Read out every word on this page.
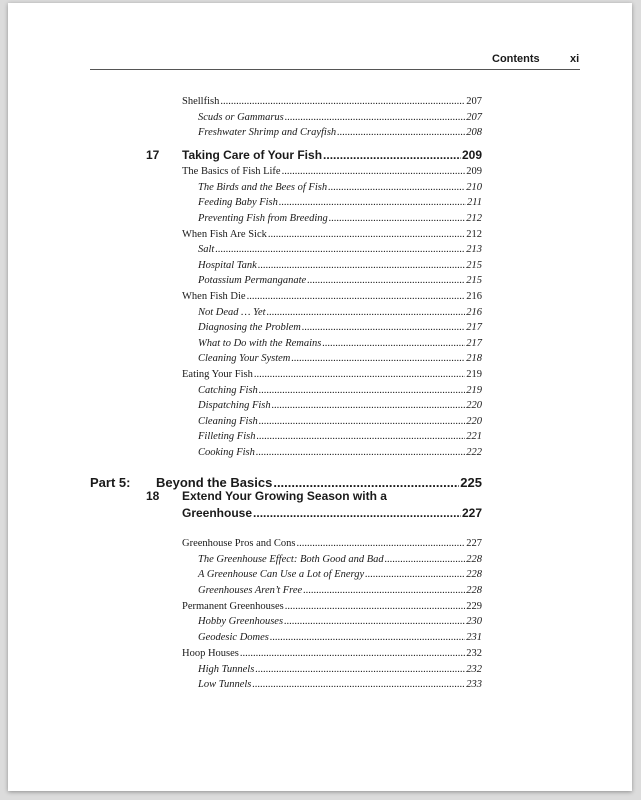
Contents	xi
Shellfish .....	207
Scuds or Gammarus .....	207
Freshwater Shrimp and Crayfish .....	208
17 Taking Care of Your Fish .....	209
The Basics of Fish Life .....	209
The Birds and the Bees of Fish .....	210
Feeding Baby Fish .....	211
Preventing Fish from Breeding .....	212
When Fish Are Sick .....	212
Salt .....	213
Hospital Tank .....	215
Potassium Permanganate .....	215
When Fish Die .....	216
Not Dead … Yet .....	216
Diagnosing the Problem .....	217
What to Do with the Remains .....	217
Cleaning Your System .....	218
Eating Your Fish .....	219
Catching Fish .....	219
Dispatching Fish .....	220
Cleaning Fish .....	220
Filleting Fish .....	221
Cooking Fish .....	222
Part 5: Beyond the Basics .....	225
18 Extend Your Growing Season with a
Greenhouse .....	227
Greenhouse Pros and Cons .....	227
The Greenhouse Effect: Both Good and Bad .....	228
A Greenhouse Can Use a Lot of Energy .....	228
Greenhouses Aren’t Free .....	228
Permanent Greenhouses .....	229
Hobby Greenhouses .....	230
Geodesic Domes .....	231
Hoop Houses .....	232
High Tunnels .....	232
Low Tunnels .....	233
